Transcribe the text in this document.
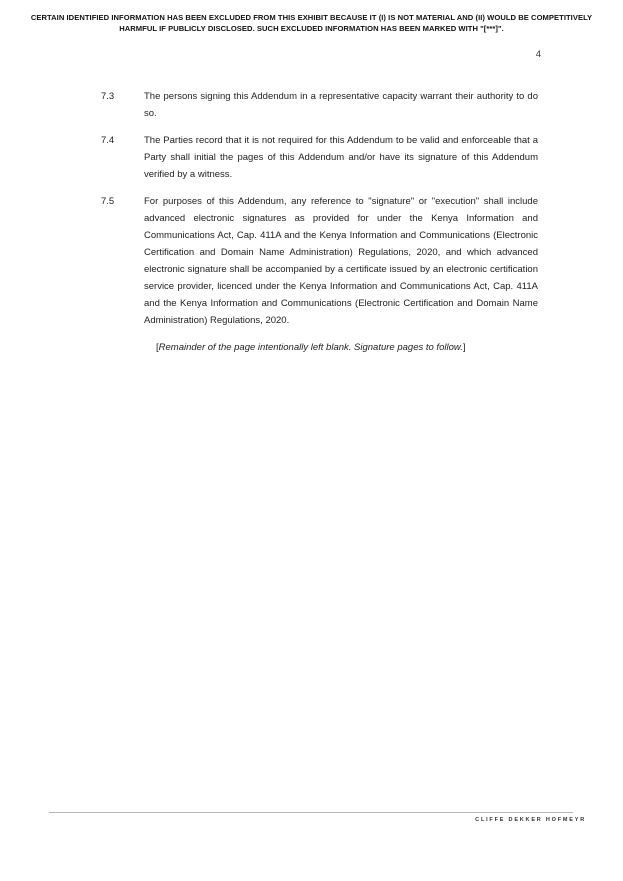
CERTAIN IDENTIFIED INFORMATION HAS BEEN EXCLUDED FROM THIS EXHIBIT BECAUSE IT (I) IS NOT MATERIAL AND (II) WOULD BE COMPETITIVELY HARMFUL IF PUBLICLY DISCLOSED. SUCH EXCLUDED INFORMATION HAS BEEN MARKED WITH "[***]".
4
7.3	The persons signing this Addendum in a representative capacity warrant their authority to do so.
7.4	The Parties record that it is not required for this Addendum to be valid and enforceable that a Party shall initial the pages of this Addendum and/or have its signature of this Addendum verified by a witness.
7.5	For purposes of this Addendum, any reference to "signature" or "execution" shall include advanced electronic signatures as provided for under the Kenya Information and Communications Act, Cap. 411A and the Kenya Information and Communications (Electronic Certification and Domain Name Administration) Regulations, 2020, and which advanced electronic signature shall be accompanied by a certificate issued by an electronic certification service provider, licenced under the Kenya Information and Communications Act, Cap. 411A and the Kenya Information and Communications (Electronic Certification and Domain Name Administration) Regulations, 2020.
[Remainder of the page intentionally left blank. Signature pages to follow.]
CLIFFE DEKKER HOFMEYR
